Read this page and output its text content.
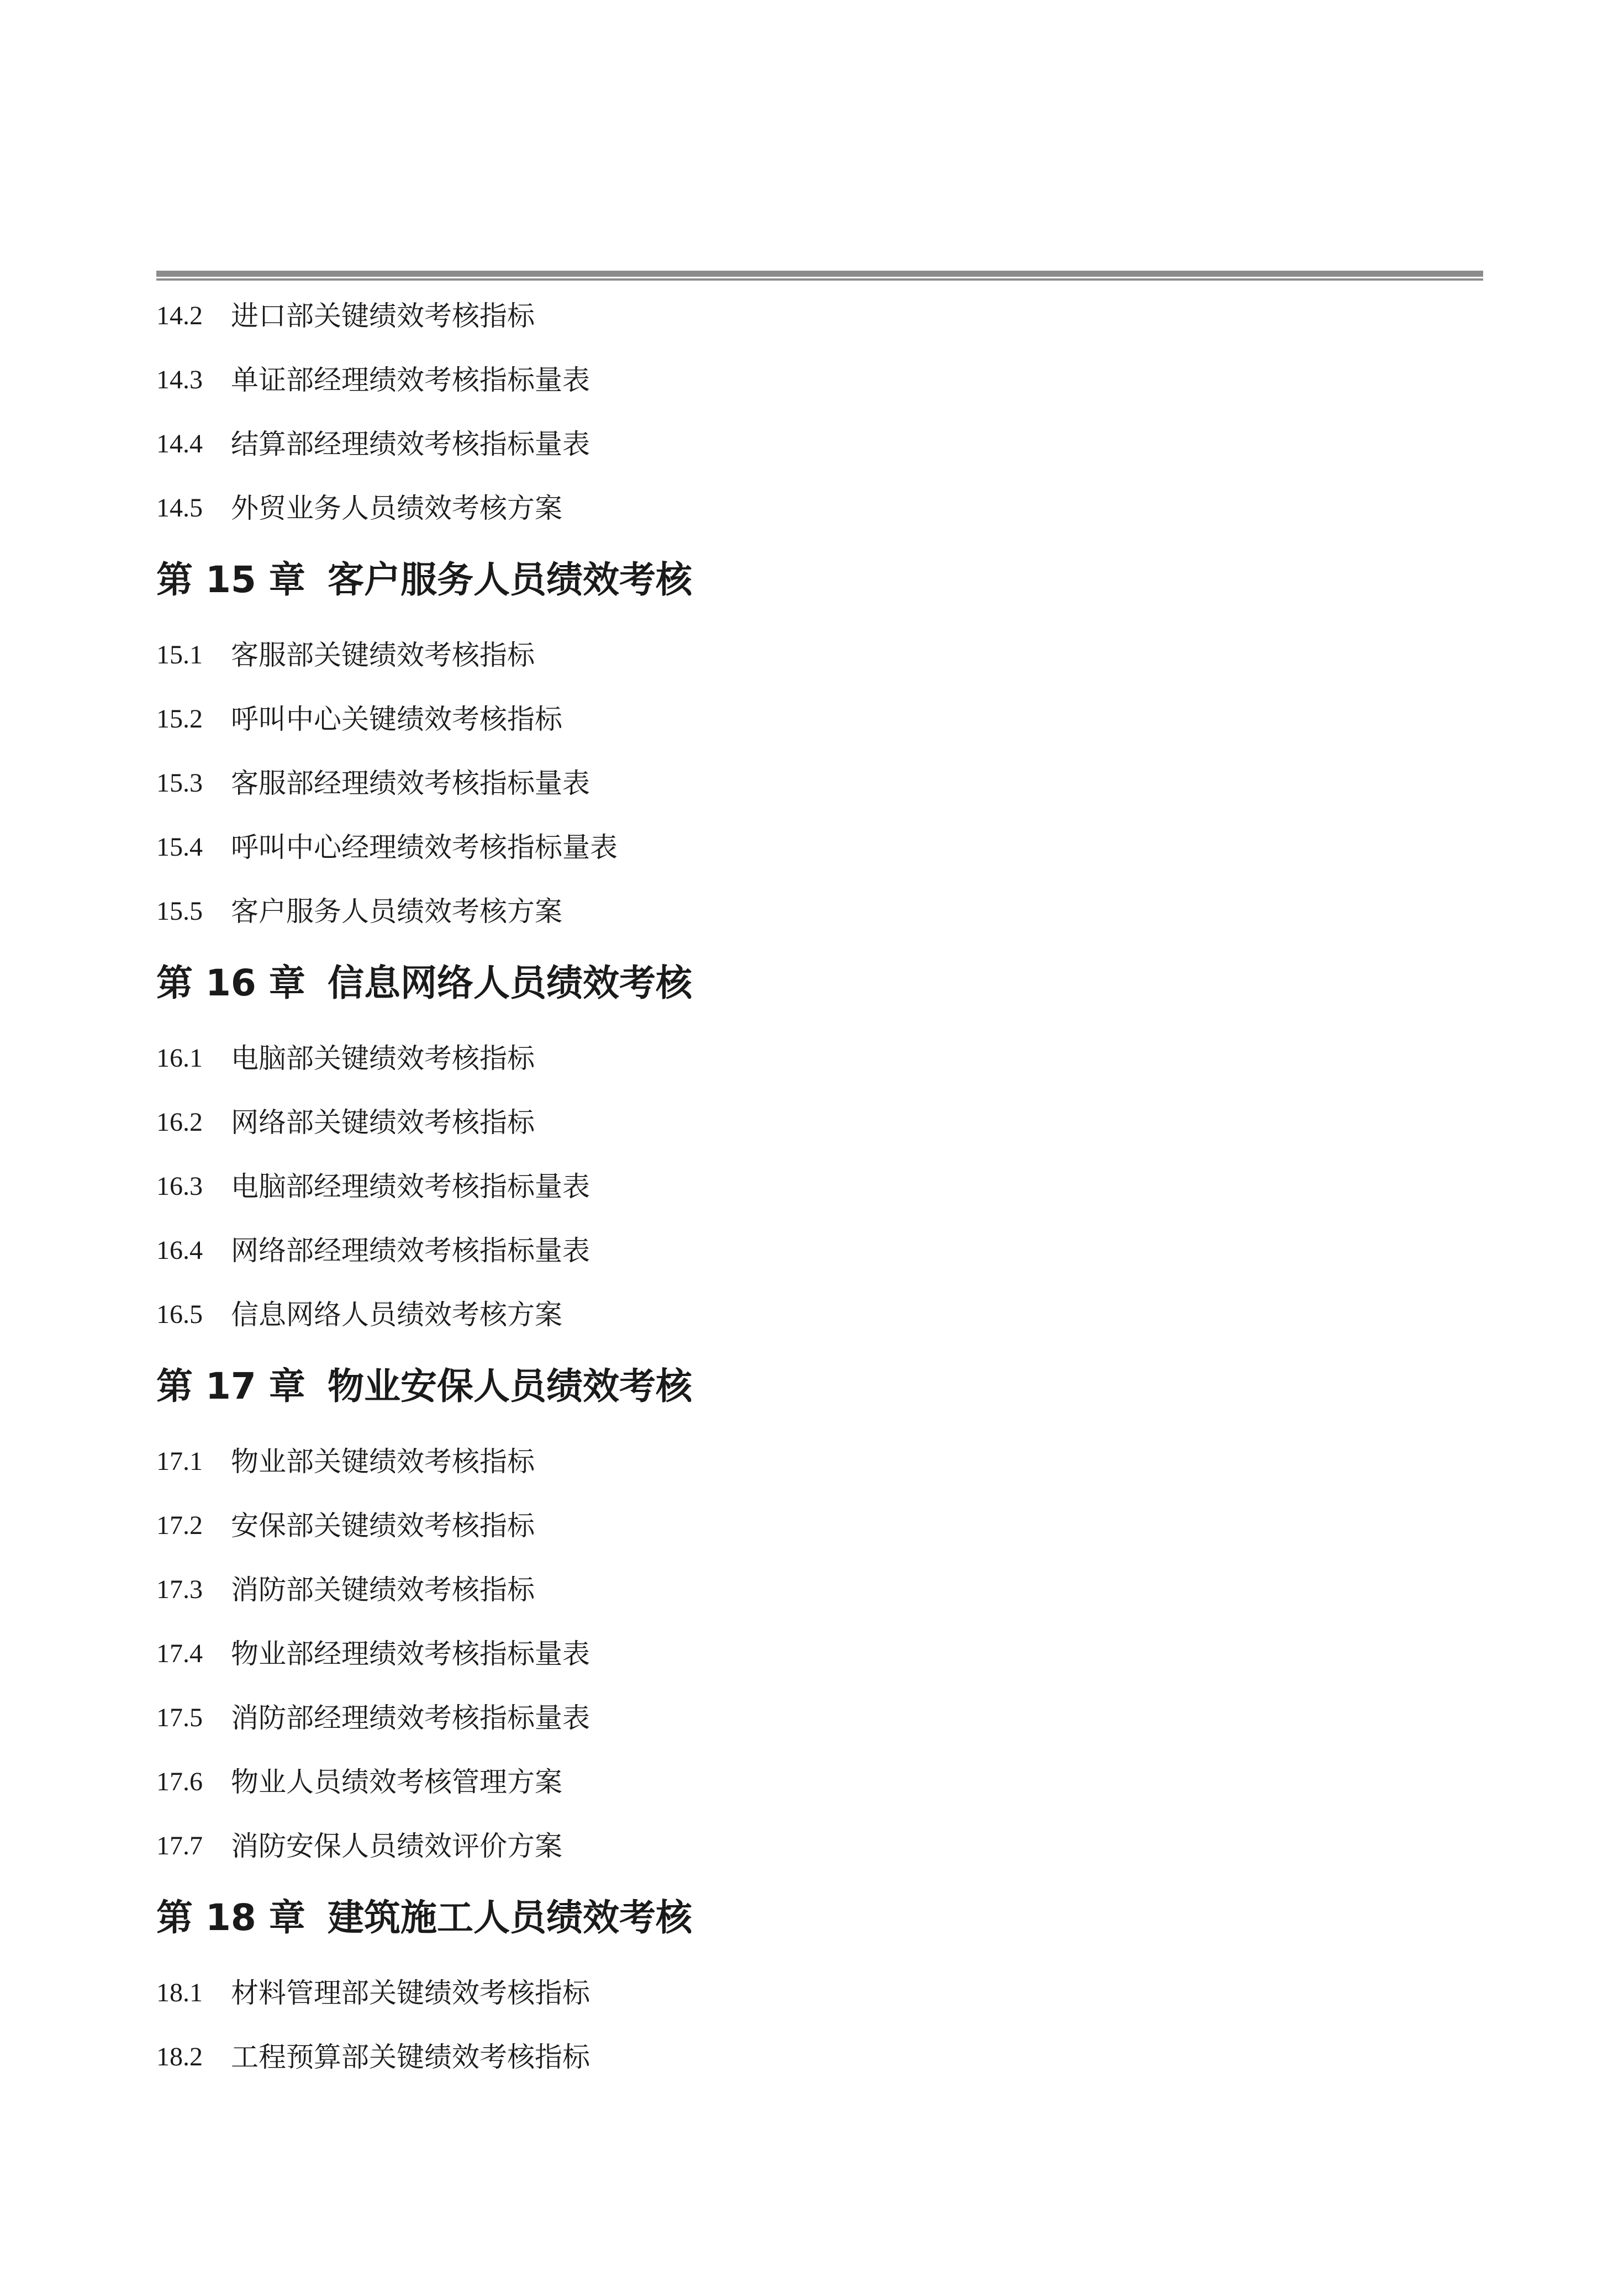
14.2 进口部关键绩效考核指标
14.3 单证部经理绩效考核指标量表
14.4 结算部经理绩效考核指标量表
14.5 外贸业务人员绩效考核方案
第 15 章 客户服务人员绩效考核
15.1 客服部关键绩效考核指标
15.2 呼叫中心关键绩效考核指标
15.3 客服部经理绩效考核指标量表
15.4 呼叫中心经理绩效考核指标量表
15.5 客户服务人员绩效考核方案
第 16 章 信息网络人员绩效考核
16.1 电脑部关键绩效考核指标
16.2 网络部关键绩效考核指标
16.3 电脑部经理绩效考核指标量表
16.4 网络部经理绩效考核指标量表
16.5 信息网络人员绩效考核方案
第 17 章 物业安保人员绩效考核
17.1 物业部关键绩效考核指标
17.2 安保部关键绩效考核指标
17.3 消防部关键绩效考核指标
17.4 物业部经理绩效考核指标量表
17.5 消防部经理绩效考核指标量表
17.6 物业人员绩效考核管理方案
17.7 消防安保人员绩效评价方案
第 18 章 建筑施工人员绩效考核
18.1 材料管理部关键绩效考核指标
18.2 工程预算部关键绩效考核指标
